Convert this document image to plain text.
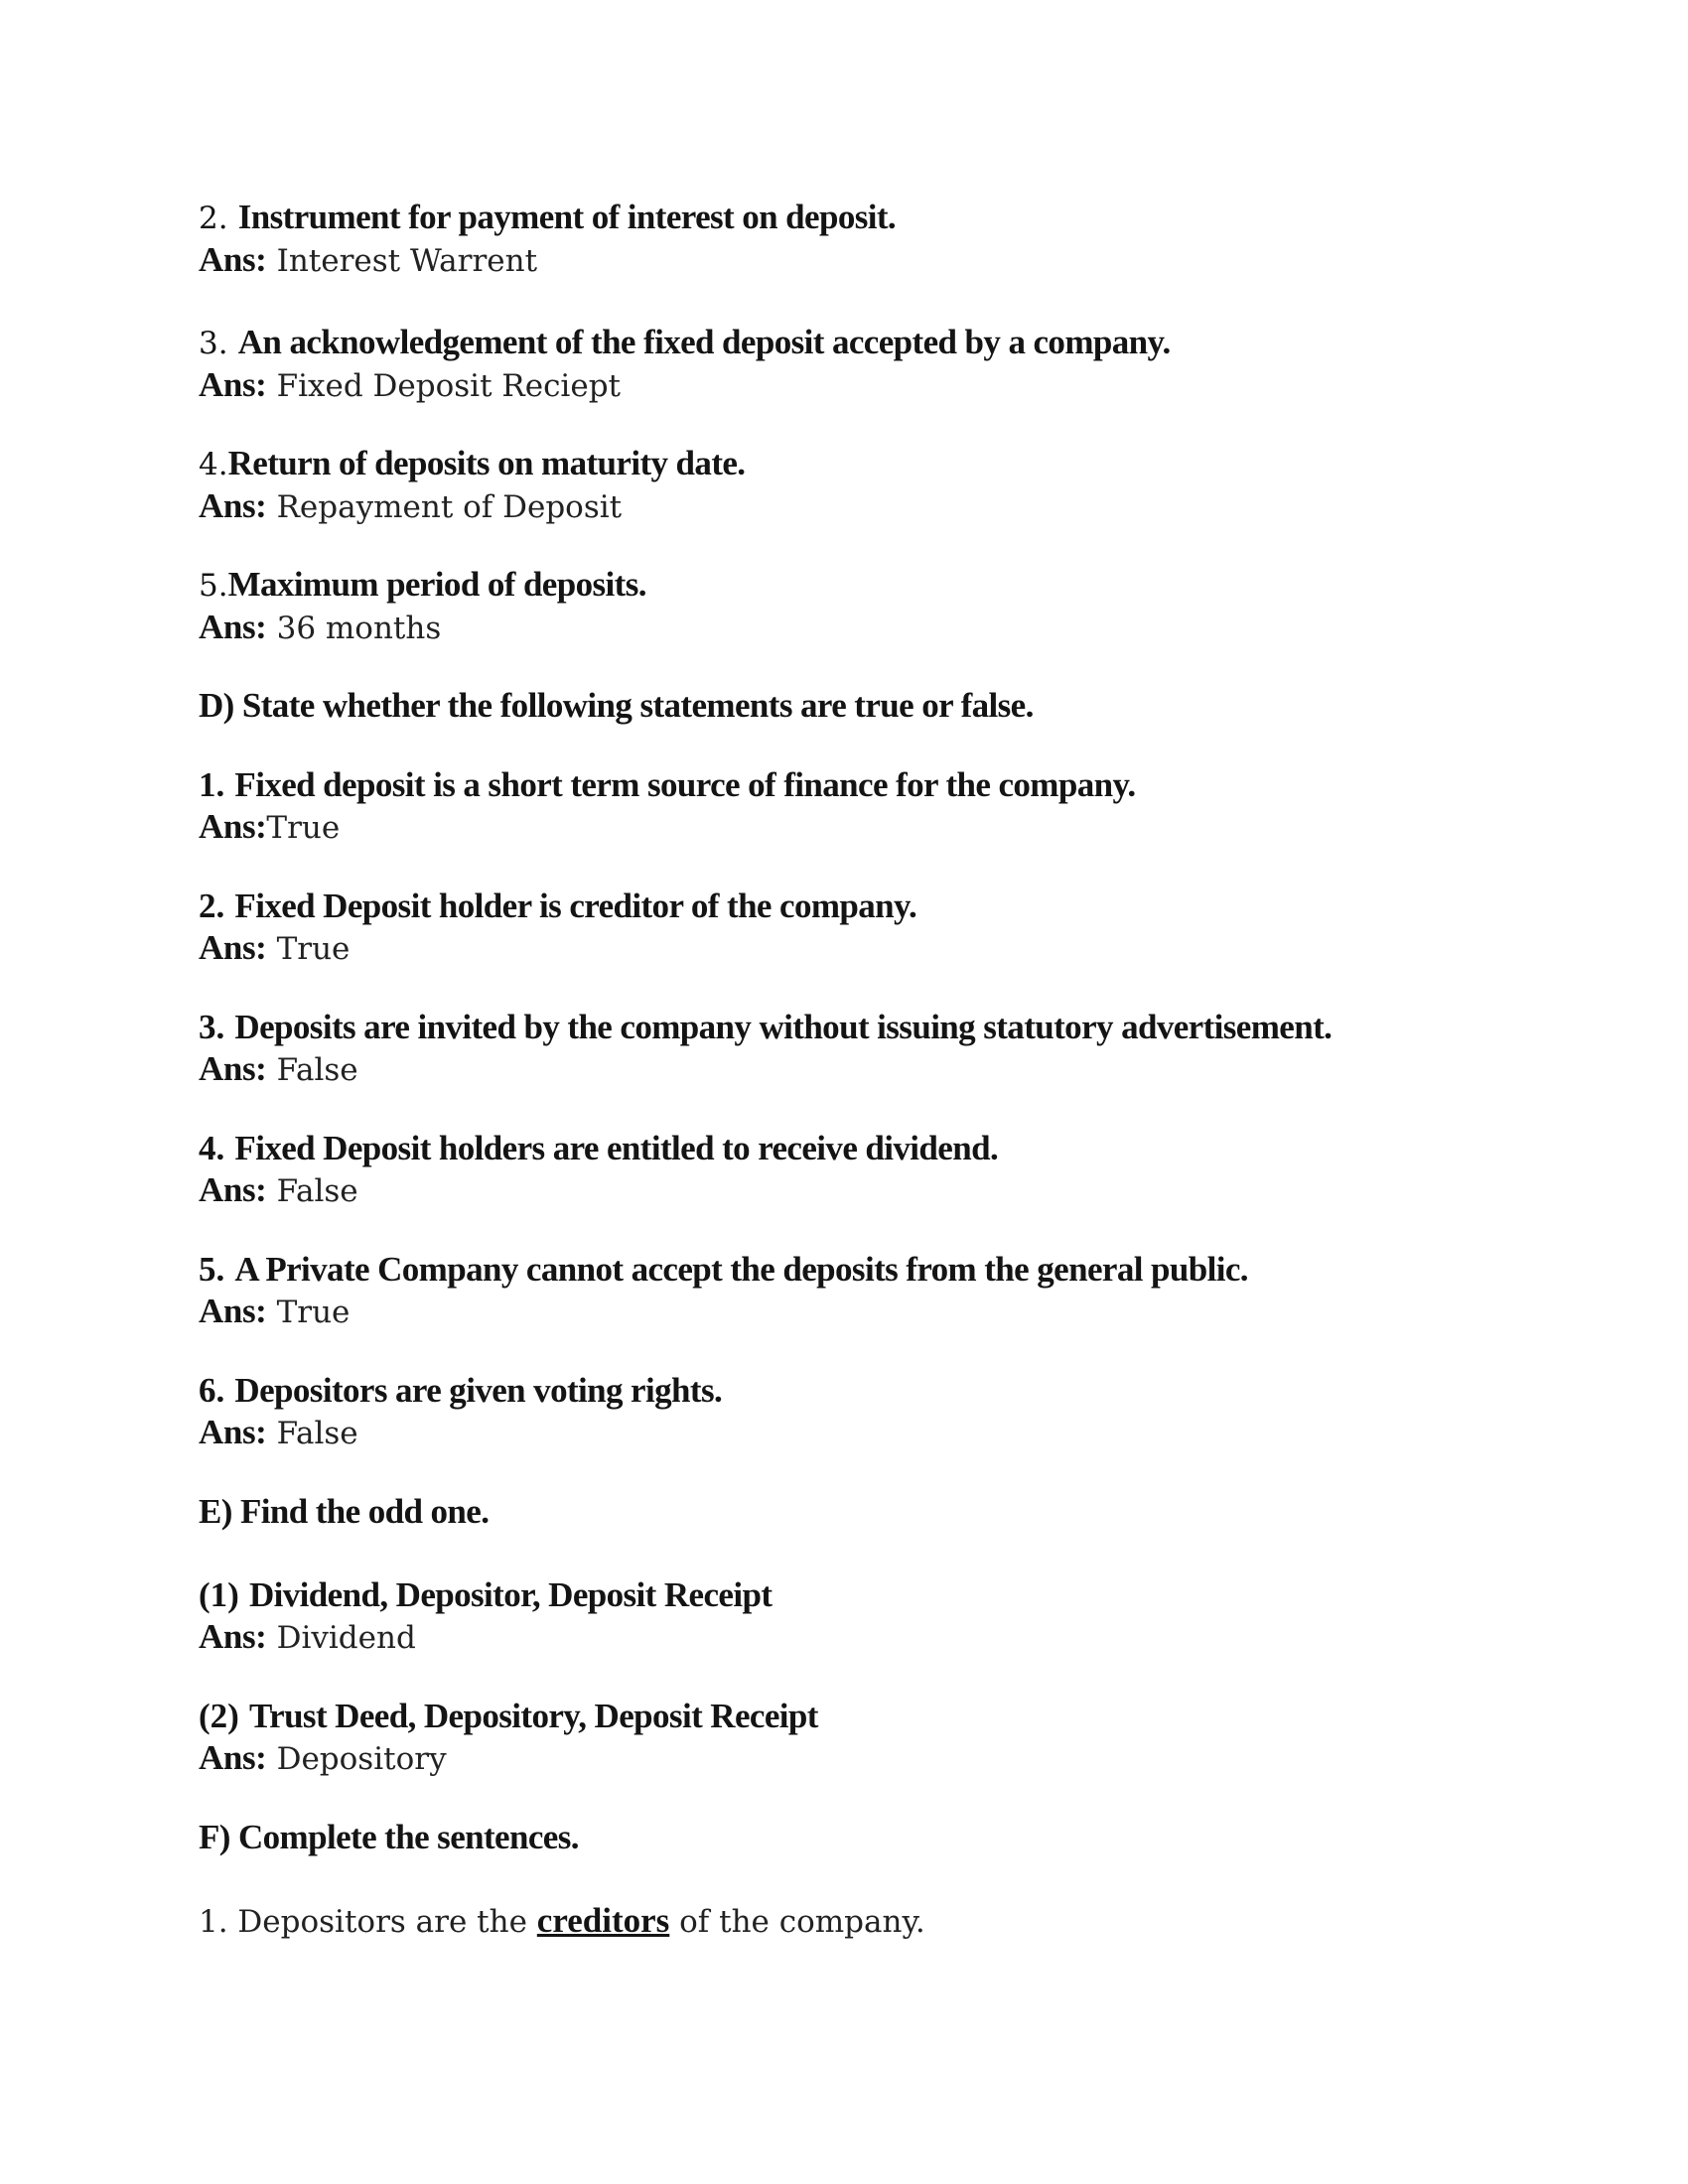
2. Instrument for payment of interest on deposit.
Ans: Interest Warrent
3. An acknowledgement of the fixed deposit accepted by a company.
Ans: Fixed Deposit Reciept
4.Return of deposits on maturity date.
Ans: Repayment of Deposit
5.Maximum period of deposits.
Ans: 36 months
D) State whether the following statements are true or false.
1. Fixed deposit is a short term source of finance for the company.
Ans:True
2. Fixed Deposit holder is creditor of the company.
Ans: True
3. Deposits are invited by the company without issuing statutory advertisement.
Ans: False
4. Fixed Deposit holders are entitled to receive dividend.
Ans: False
5. A Private Company cannot accept the deposits from the general public.
Ans: True
6. Depositors are given voting rights.
Ans: False
E) Find the odd one.
(1) Dividend, Depositor, Deposit Receipt
Ans: Dividend
(2) Trust Deed, Depository, Deposit Receipt
Ans: Depository
F) Complete the sentences.
1. Depositors are the creditors of the company.
